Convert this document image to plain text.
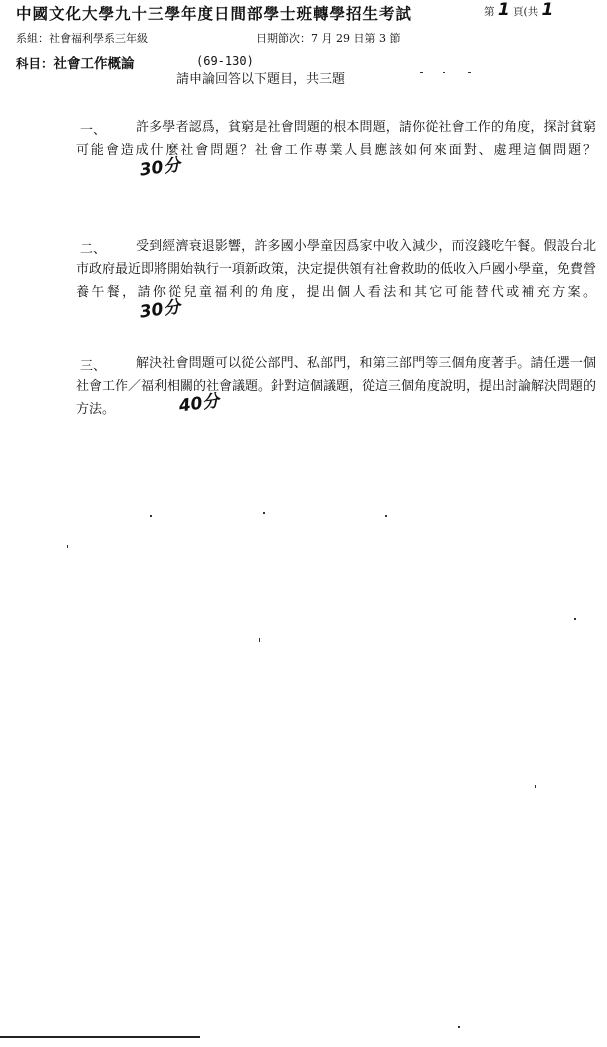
中國文化大學九十三學年度日間部學士班轉學招生考試	第 1 頁(共 1
系組：社會福利學系三年級	日期節次：7 月 29 日第 3 節
科目：社會工作概論	(69-130)
請申論回答以下題目，共三題
一、	許多學者認爲，貧窮是社會問題的根本問題，請你從社會工作的角度，探討貧窮可能會造成什麼社會問題？社會工作專業人員應該如何來面對、處理這個問題？30分
二、	受到經濟衰退影響，許多國小學童因爲家中收入減少，而沒錢吃午餐。假設台北市政府最近即將開始執行一項新政策，決定提供領有社會救助的低收入戶國小學童，免費營養午餐，請你從兒童福利的角度，提出個人看法和其它可能替代或補充方案。30分
三、	解決社會問題可以從公部門、私部門，和第三部門等三個角度著手。請任選一個社會工作／福利相關的社會議題。針對這個議題，從這三個角度說明，提出討論解決問題的方法。	40分
